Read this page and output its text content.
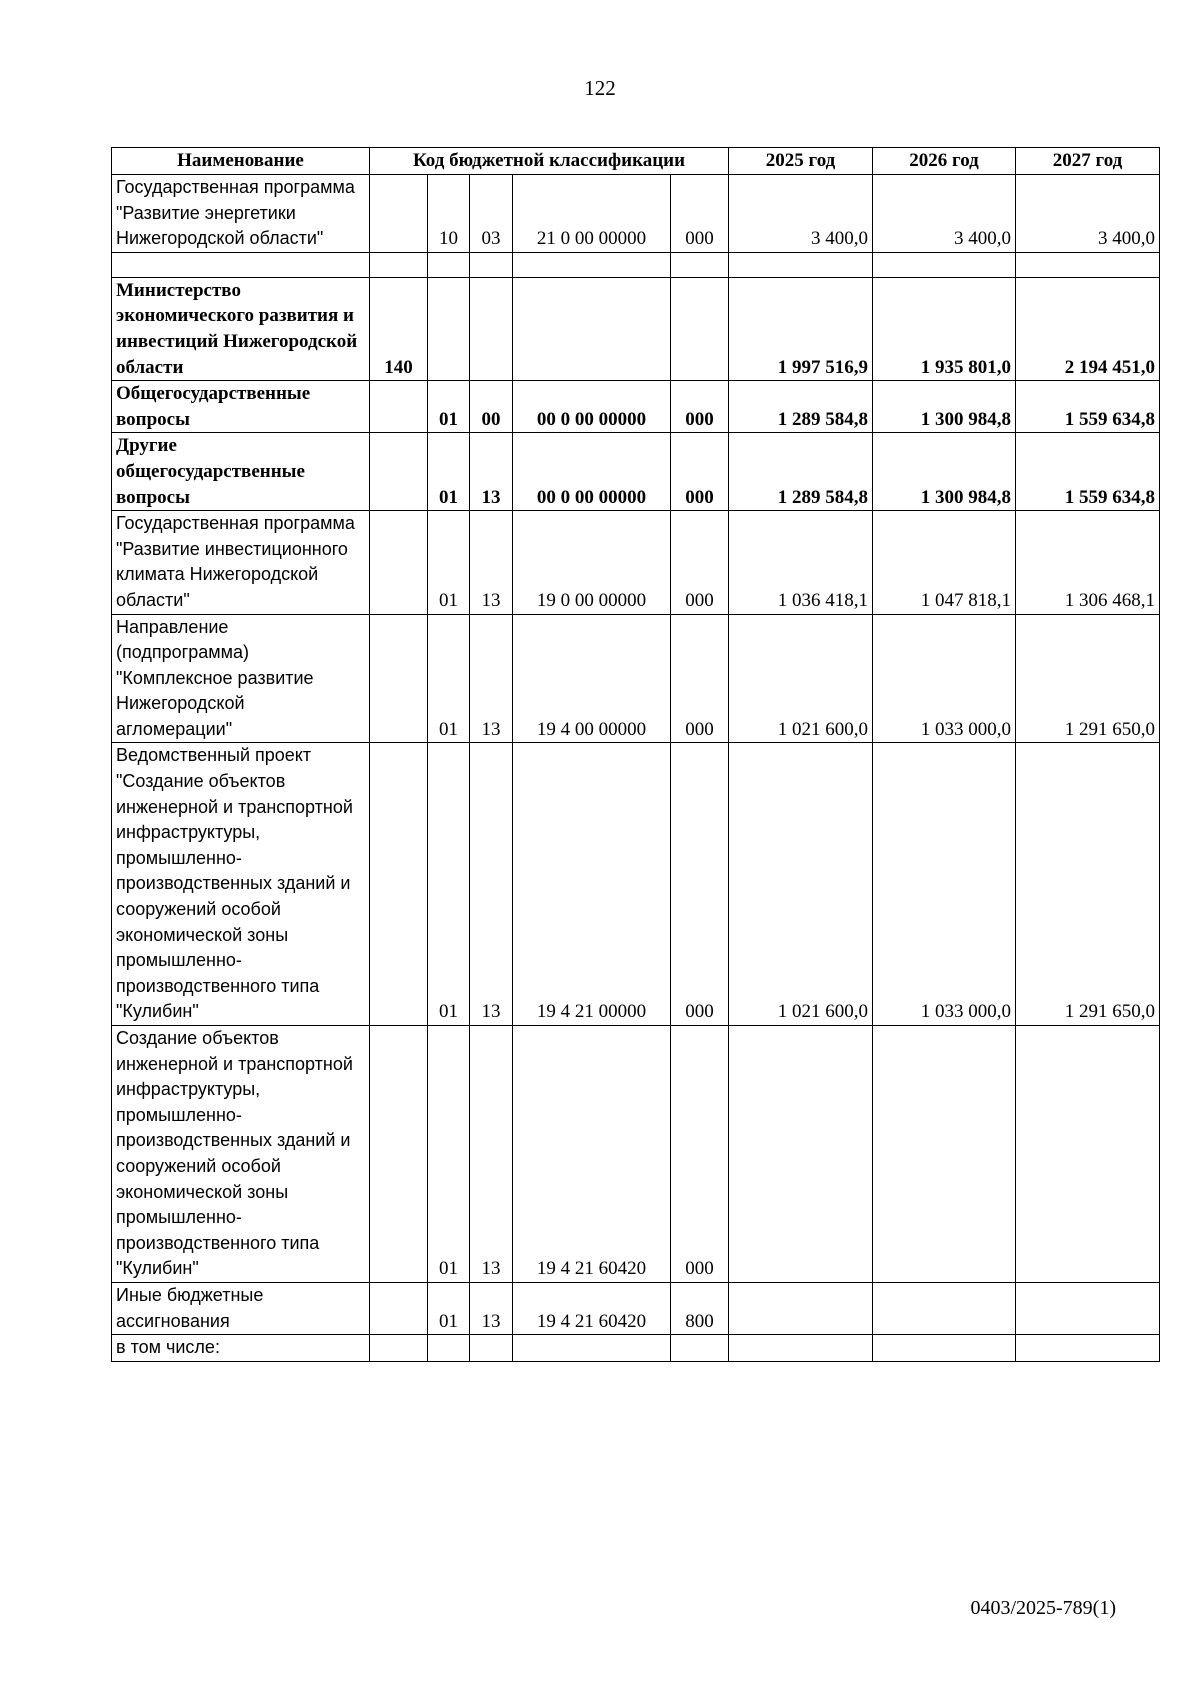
122
Наименование	Код бюджетной классификации					2025 год	2026 год	2027 год
Государственная программа "Развитие энергетики Нижегородской области"		10	03	21 0 00 00000	000	3 400,0	3 400,0	3 400,0

Министерство экономического развития и инвестиций Нижегородской области	140					1 997 516,9	1 935 801,0	2 194 451,0
Общегосударственные вопросы		01	00	00 0 00 00000	000	1 289 584,8	1 300 984,8	1 559 634,8
Другие общегосударственные вопросы		01	13	00 0 00 00000	000	1 289 584,8	1 300 984,8	1 559 634,8
Государственная программа "Развитие инвестиционного климата Нижегородской области"		01	13	19 0 00 00000	000	1 036 418,1	1 047 818,1	1 306 468,1
Направление (подпрограмма) "Комплексное развитие Нижегородской агломерации"		01	13	19 4 00 00000	000	1 021 600,0	1 033 000,0	1 291 650,0
Ведомственный проект "Создание объектов инженерной и транспортной инфраструктуры, промышленно-производственных зданий и сооружений особой экономической зоны промышленно-производственного типа "Кулибин"		01	13	19 4 21 00000	000	1 021 600,0	1 033 000,0	1 291 650,0
Создание объектов инженерной и транспортной инфраструктуры, промышленно-производственных зданий и сооружений особой экономической зоны промышленно-производственного типа "Кулибин"		01	13	19 4 21 60420	000			
Иные бюджетные ассигнования		01	13	19 4 21 60420	800			
в том числе:								
0403/2025-789(1)
